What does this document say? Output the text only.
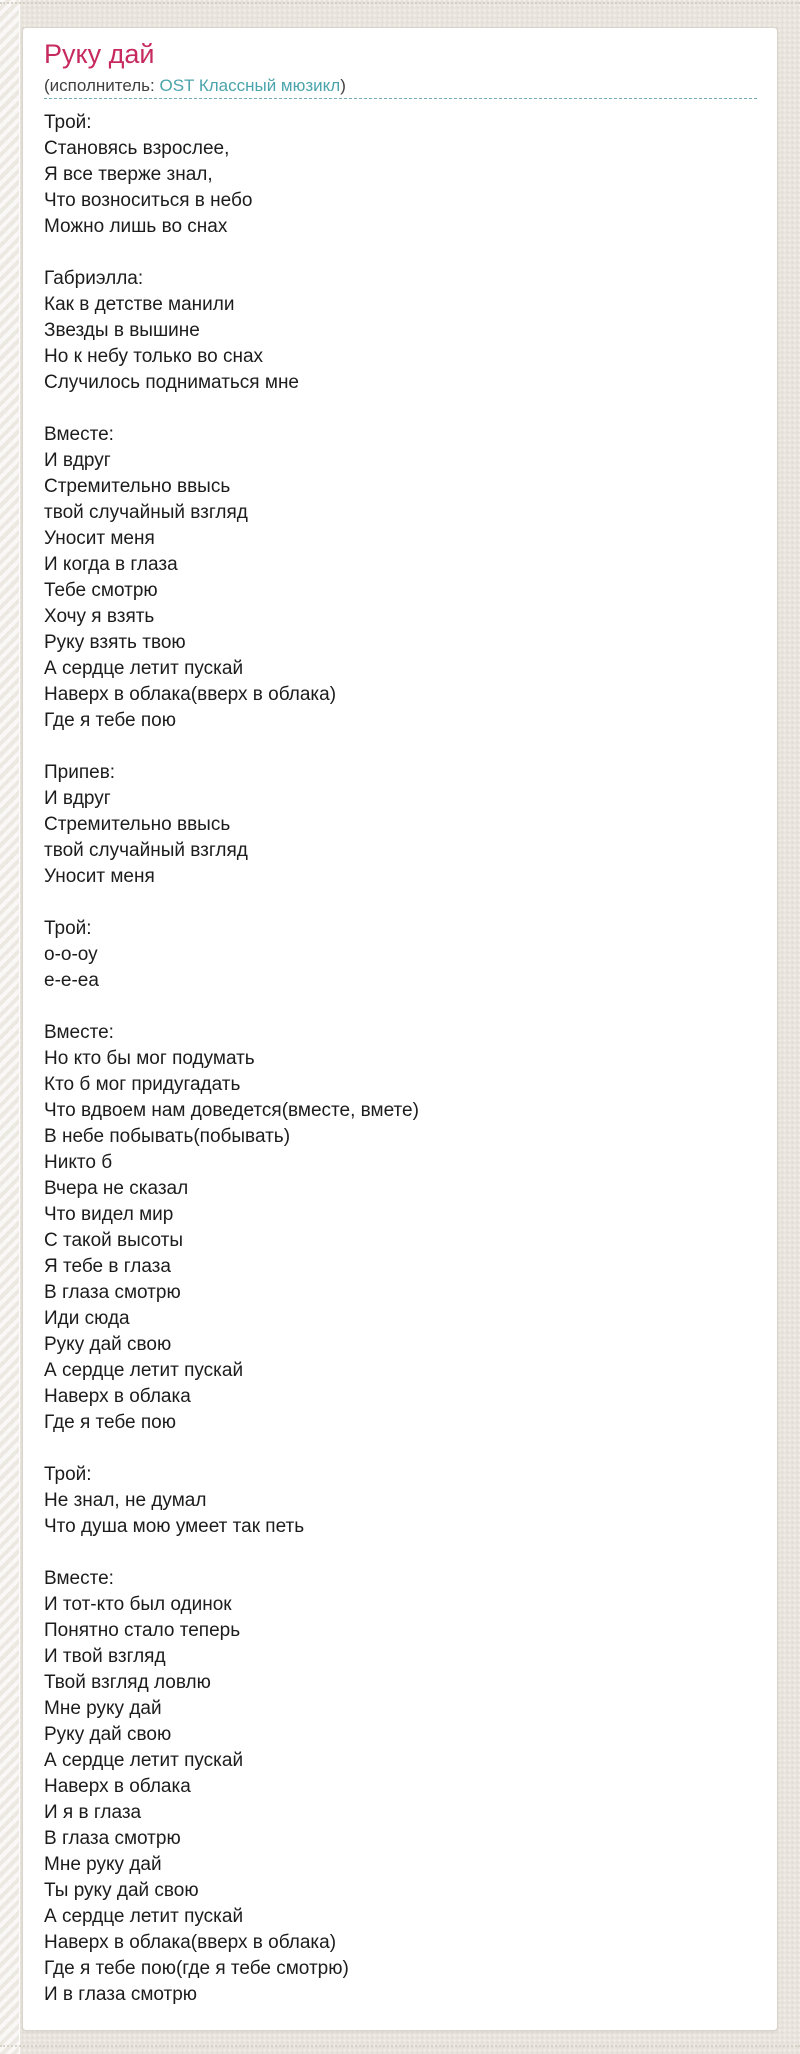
Руку дай
(исполнитель: OST Классный мюзикл)
Трой:
Становясь взрослее,
Я все тверже знал,
Что возноситься в небо
Можно лишь во снах
Габриэлла:
Как в детстве манили
Звезды в вышине
Но к небу только во снах
Случилось подниматься мне
Вместе:
И вдруг
Стремительно ввысь
твой случайный взгляд
Уносит меня
И когда в глаза
Тебе смотрю
Хочу я взять
Руку взять твою
А сердце летит пускай
Наверх в облака(вверх в облака)
Где я тебе пою
Припев:
И вдруг
Стремительно ввысь
твой случайный взгляд
Уносит меня
Трой:
о-о-оу
е-е-еа
Вместе:
Но кто бы мог подумать
Кто б мог придугадать
Что вдвоем нам доведется(вместе, вмете)
В небе побывать(побывать)
Никто б
Вчера не сказал
Что видел мир
С такой высоты
Я тебе в глаза
В глаза смотрю
Иди сюда
Руку дай свою
А сердце летит пускай
Наверх в облака
Где я тебе пою
Трой:
Не знал, не думал
Что душа мою умеет так петь
Вместе:
И тот-кто был одинок
Понятно стало теперь
И твой взгляд
Твой взгляд ловлю
Мне руку дай
Руку дай свою
А сердце летит пускай
Наверх в облака
И я в глаза
В глаза смотрю
Мне руку дай
Ты руку дай свою
А сердце летит пускай
Наверх в облака(вверх в облака)
Где я тебе пою(где я тебе смотрю)
И в глаза смотрю
